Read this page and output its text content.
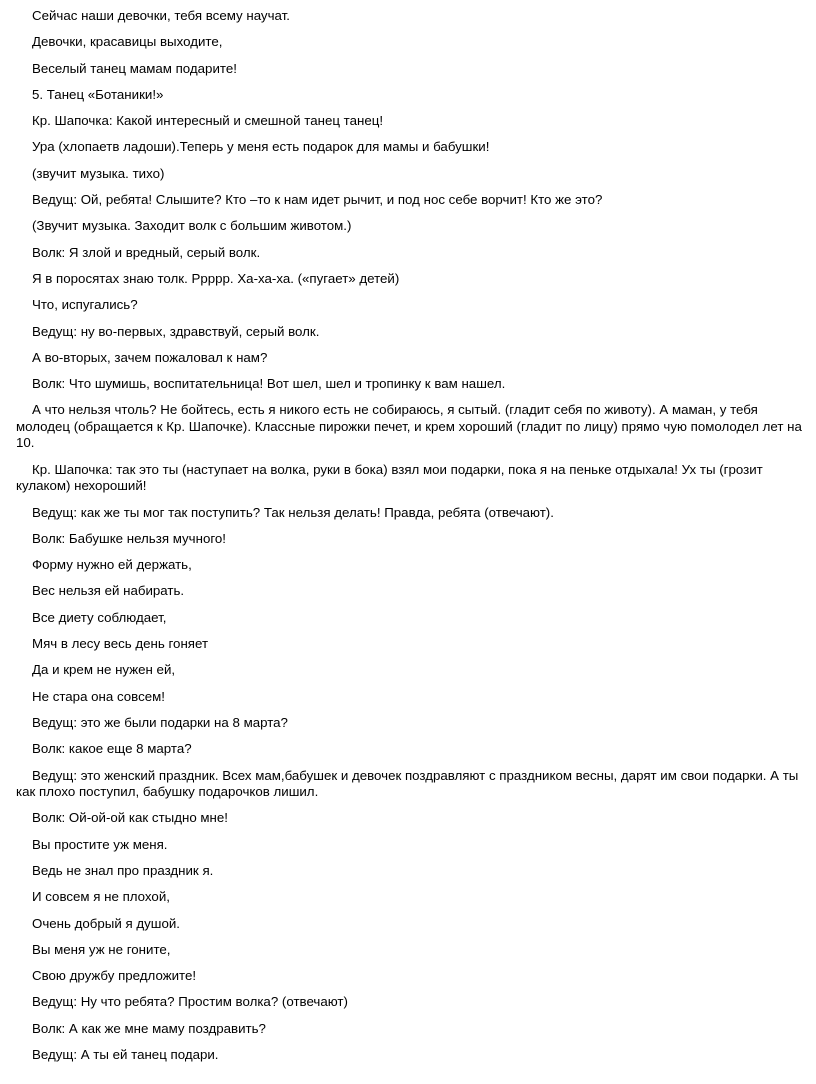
Сейчас наши девочки, тебя всему научат.

Девочки, красавицы выходите,

Веселый танец мамам подарите!

5. Танец «Ботаники!»

Кр. Шапочка: Какой интересный и смешной танец танец!

Ура (хлопаетв ладоши).Теперь у меня есть подарок для мамы и бабушки!

(звучит музыка. тихо)

Ведущ: Ой, ребята! Слышите? Кто –то к нам идет рычит, и под нос себе ворчит! Кто же это?

(Звучит музыка. Заходит волк с большим животом.)

Волк: Я злой и вредный, серый волк.

Я в поросятах знаю толк. Ррррр. Ха-ха-ха. («пугает» детей)

Что, испугались?

Ведущ: ну во-первых, здравствуй, серый волк.

А во-вторых, зачем пожаловал к нам?

Волк: Что шумишь, воспитательница! Вот шел, шел и тропинку к вам нашел.

А что нельзя чтоль? Не бойтесь, есть я никого есть не собираюсь, я сытый. (гладит себя по животу). А маман, у тебя молодец (обращается к Кр. Шапочке). Классные пирожки печет, и крем хороший (гладит по лицу) прямо чую помолодел лет на 10.

Кр. Шапочка: так это ты (наступает на волка, руки в бока) взял мои подарки, пока я на пеньке отдыхала! Ух ты (грозит кулаком) нехороший!

Ведущ: как же ты мог так поступить? Так нельзя делать! Правда, ребята (отвечают).

Волк: Бабушке нельзя мучного!

Форму нужно ей держать,

Вес нельзя ей набирать.

Все диету соблюдает,

Мяч в лесу весь день гоняет

Да и крем не нужен ей,

Не стара она совсем!

Ведущ: это же были подарки на 8 марта?

Волк: какое еще 8 марта?

Ведущ: это женский праздник. Всех мам,бабушек и девочек поздравляют с праздником весны, дарят им свои подарки. А ты как плохо поступил, бабушку подарочков лишил.

Волк: Ой-ой-ой как стыдно мне!

Вы простите уж меня.

Ведь не знал про праздник я.

И совсем я не плохой,

Очень добрый я душой.

Вы меня уж не гоните,

Свою дружбу предложите!

Ведущ: Ну что ребята? Простим волка? (отвечают)

Волк: А как же мне маму поздравить?

Ведущ: А ты ей танец подари.
